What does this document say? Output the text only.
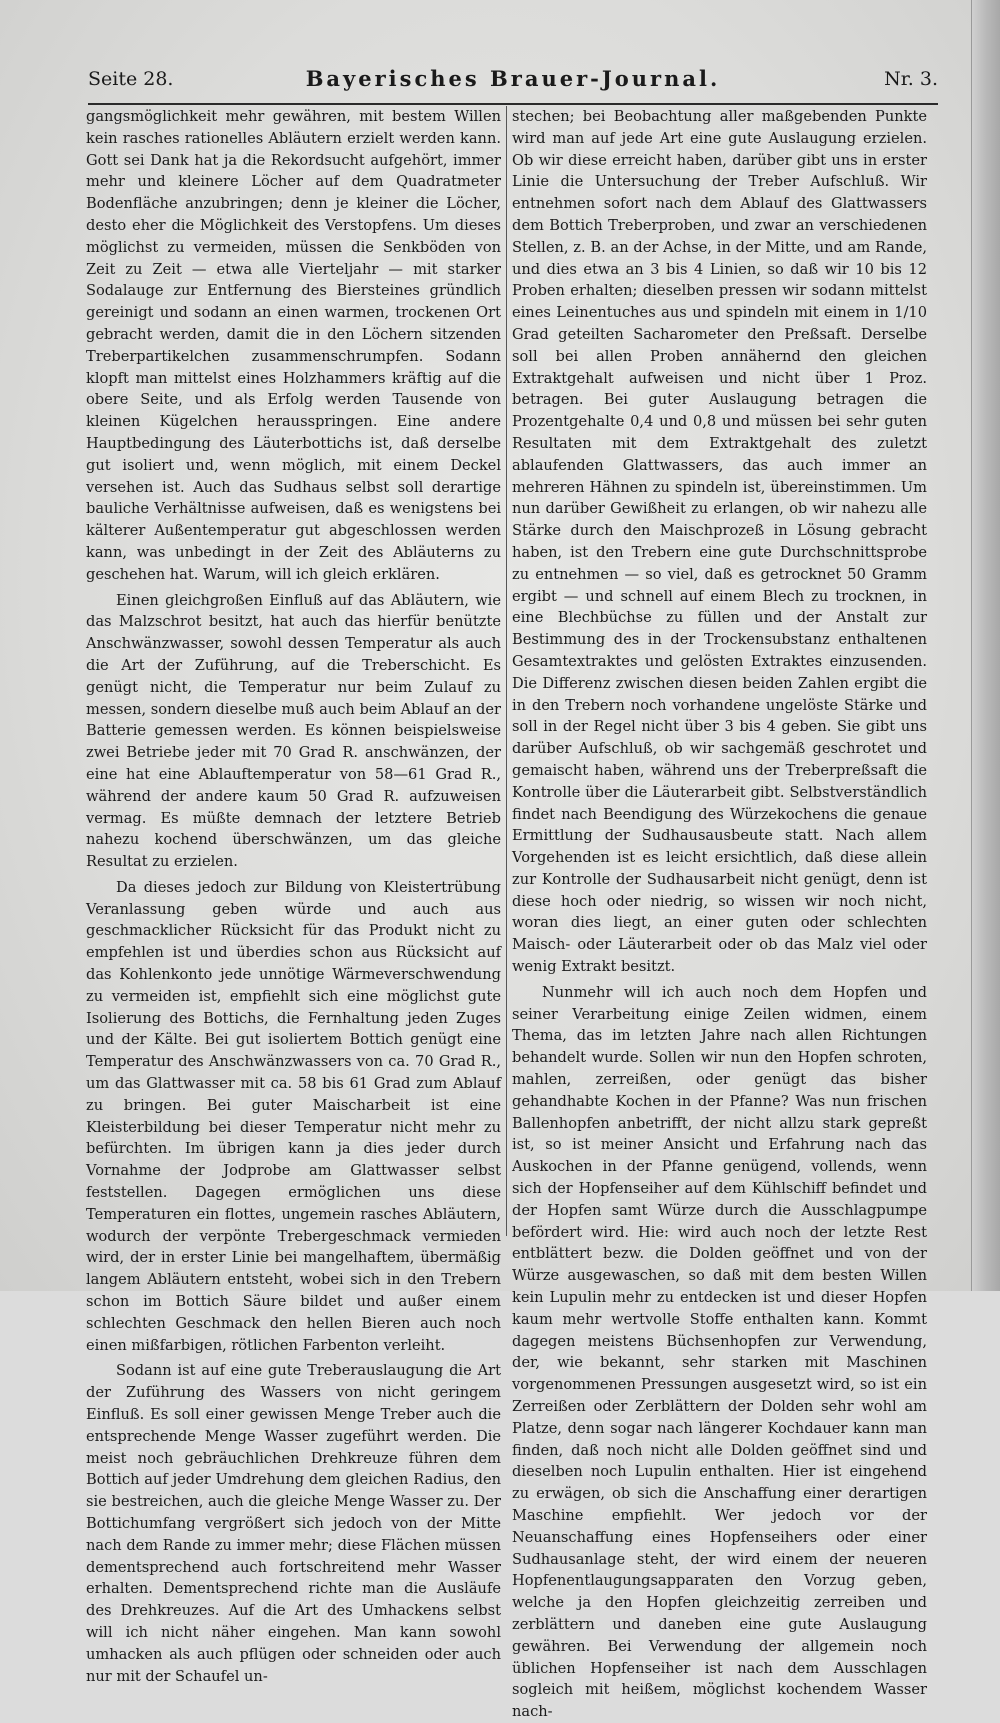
Seite 28.	Bayerisches Brauer-Journal.	Nr. 3.

gangsmöglichkeit mehr gewähren, mit bestem Willen kein rasches rationelles Abläutern erzielt werden kann. Gott sei Dank hat ja die Rekordsucht aufgehört, immer mehr und kleinere Löcher auf dem Quadratmeter Bodenfläche anzubringen; denn je kleiner die Löcher, desto eher die Möglichkeit des Verstopfens. Um dieses möglichst zu vermeiden, müssen die Senkböden von Zeit zu Zeit — etwa alle Vierteljahr — mit starker Sodalauge zur Entfernung des Biersteines gründlich gereinigt und sodann an einen warmen, trockenen Ort gebracht werden, damit die in den Löchern sitzenden Treberpartikelchen zusammenschrumpfen. Sodann klopft man mittelst eines Holzhammers kräftig auf die obere Seite, und als Erfolg werden Tausende von kleinen Kügelchen herausspringen. Eine andere Hauptbedingung des Läuterbottichs ist, daß derselbe gut isoliert und, wenn möglich, mit einem Deckel versehen ist. Auch das Sudhaus selbst soll derartige bauliche Verhältnisse aufweisen, daß es wenigstens bei kälterer Außentemperatur gut abgeschlossen werden kann, was unbedingt in der Zeit des Abläuterns zu geschehen hat. Warum, will ich gleich erklären.

Einen gleichgroßen Einfluß auf das Abläutern, wie das Malzschrot besitzt, hat auch das hierfür benützte Anschwänzwasser, sowohl dessen Temperatur als auch die Art der Zuführung, auf die Treberschicht. Es genügt nicht, die Temperatur nur beim Zulauf zu messen, sondern dieselbe muß auch beim Ablauf an der Batterie gemessen werden. Es können beispielsweise zwei Betriebe jeder mit 70 Grad R. anschwänzen, der eine hat eine Ablauftemperatur von 58—61 Grad R., während der andere kaum 50 Grad R. aufzuweisen vermag. Es müßte demnach der letztere Betrieb nahezu kochend überschwänzen, um das gleiche Resultat zu erzielen.

Da dieses jedoch zur Bildung von Kleistertrübung Veranlassung geben würde und auch aus geschmacklicher Rücksicht für das Produkt nicht zu empfehlen ist und überdies schon aus Rücksicht auf das Kohlenkonto jede unnötige Wärmeverschwendung zu vermeiden ist, empfiehlt sich eine möglichst gute Isolierung des Bottichs, die Fernhaltung jeden Zuges und der Kälte. Bei gut isoliertem Bottich genügt eine Temperatur des Anschwänzwassers von ca. 70 Grad R., um das Glattwasser mit ca. 58 bis 61 Grad zum Ablauf zu bringen. Bei guter Maischarbeit ist eine Kleisterbildung bei dieser Temperatur nicht mehr zu befürchten. Im übrigen kann ja dies jeder durch Vornahme der Jodprobe am Glattwasser selbst feststellen. Dagegen ermöglichen uns diese Temperaturen ein flottes, ungemein rasches Abläutern, wodurch der verpönte Trebergeschmack vermieden wird, der in erster Linie bei mangelhaftem, übermäßig langem Abläutern entsteht, wobei sich in den Trebern schon im Bottich Säure bildet und außer einem schlechten Geschmack den hellen Bieren auch noch einen mißfarbigen, rötlichen Farbenton verleiht.

Sodann ist auf eine gute Treberauslaugung die Art der Zuführung des Wassers von nicht geringem Einfluß. Es soll einer gewissen Menge Treber auch die entsprechende Menge Wasser zugeführt werden. Die meist noch gebräuchlichen Drehkreuze führen dem Bottich auf jeder Umdrehung dem gleichen Radius, den sie bestreichen, auch die gleiche Menge Wasser zu. Der Bottichumfang vergrößert sich jedoch von der Mitte nach dem Rande zu immer mehr; diese Flächen müssen dementsprechend auch fortschreitend mehr Wasser erhalten. Dementsprechend richte man die Ausläufe des Drehkreuzes. Auf die Art des Umhackens selbst will ich nicht näher eingehen. Man kann sowohl umhacken als auch pflügen oder schneiden oder auch nur mit der Schaufel un-

stechen; bei Beobachtung aller maßgebenden Punkte wird man auf jede Art eine gute Auslaugung erzielen. Ob wir diese erreicht haben, darüber gibt uns in erster Linie die Untersuchung der Treber Aufschluß. Wir entnehmen sofort nach dem Ablauf des Glattwassers dem Bottich Treberproben, und zwar an verschiedenen Stellen, z. B. an der Achse, in der Mitte, und am Rande, und dies etwa an 3 bis 4 Linien, so daß wir 10 bis 12 Proben erhalten; dieselben pressen wir sodann mittelst eines Leinentuches aus und spindeln mit einem in 1/10 Grad geteilten Sacharometer den Preßsaft. Derselbe soll bei allen Proben annähernd den gleichen Extraktgehalt aufweisen und nicht über 1 Proz. betragen. Bei guter Auslaugung betragen die Prozentgehalte 0,4 und 0,8 und müssen bei sehr guten Resultaten mit dem Extraktgehalt des zuletzt ablaufenden Glattwassers, das auch immer an mehreren Hähnen zu spindeln ist, übereinstimmen. Um nun darüber Gewißheit zu erlangen, ob wir nahezu alle Stärke durch den Maischprozeß in Lösung gebracht haben, ist den Trebern eine gute Durchschnittsprobe zu entnehmen — so viel, daß es getrocknet 50 Gramm ergibt — und schnell auf einem Blech zu trocknen, in eine Blechbüchse zu füllen und der Anstalt zur Bestimmung des in der Trockensubstanz enthaltenen Gesamtextraktes und gelösten Extraktes einzusenden. Die Differenz zwischen diesen beiden Zahlen ergibt die in den Trebern noch vorhandene ungelöste Stärke und soll in der Regel nicht über 3 bis 4 geben. Sie gibt uns darüber Aufschluß, ob wir sachgemäß geschrotet und gemaischt haben, während uns der Treberpreßsaft die Kontrolle über die Läuterarbeit gibt. Selbstverständlich findet nach Beendigung des Würzekochens die genaue Ermittlung der Sudhausausbeute statt. Nach allem Vorgehenden ist es leicht ersichtlich, daß diese allein zur Kontrolle der Sudhausarbeit nicht genügt, denn ist diese hoch oder niedrig, so wissen wir noch nicht, woran dies liegt, an einer guten oder schlechten Maisch- oder Läuterarbeit oder ob das Malz viel oder wenig Extrakt besitzt.

Nunmehr will ich auch noch dem Hopfen und seiner Verarbeitung einige Zeilen widmen, einem Thema, das im letzten Jahre nach allen Richtungen behandelt wurde. Sollen wir nun den Hopfen schroten, mahlen, zerreißen, oder genügt das bisher gehandhabte Kochen in der Pfanne? Was nun frischen Ballenhopfen anbetrifft, der nicht allzu stark gepreßt ist, so ist meiner Ansicht und Erfahrung nach das Auskochen in der Pfanne genügend, vollends, wenn sich der Hopfenseiher auf dem Kühlschiff befindet und der Hopfen samt Würze durch die Ausschlagpumpe befördert wird. Hie: wird auch noch der letzte Rest entblättert bezw. die Dolden geöffnet und von der Würze ausgewaschen, so daß mit dem besten Willen kein Lupulin mehr zu entdecken ist und dieser Hopfen kaum mehr wertvolle Stoffe enthalten kann. Kommt dagegen meistens Büchsenhopfen zur Verwendung, der, wie bekannt, sehr starken mit Maschinen vorgenommenen Pressungen ausgesetzt wird, so ist ein Zerreißen oder Zerblättern der Dolden sehr wohl am Platze, denn sogar nach längerer Kochdauer kann man finden, daß noch nicht alle Dolden geöffnet sind und dieselben noch Lupulin enthalten. Hier ist eingehend zu erwägen, ob sich die Anschaffung einer derartigen Maschine empfiehlt. Wer jedoch vor der Neuanschaffung eines Hopfenseihers oder einer Sudhausanlage steht, der wird einem der neueren Hopfenentlaugungsapparaten den Vorzug geben, welche ja den Hopfen gleichzeitig zerreiben und zerblättern und daneben eine gute Auslaugung gewähren. Bei Verwendung der allgemein noch üblichen Hopfenseiher ist nach dem Ausschlagen sogleich mit heißem, möglichst kochendem Wasser nach-
